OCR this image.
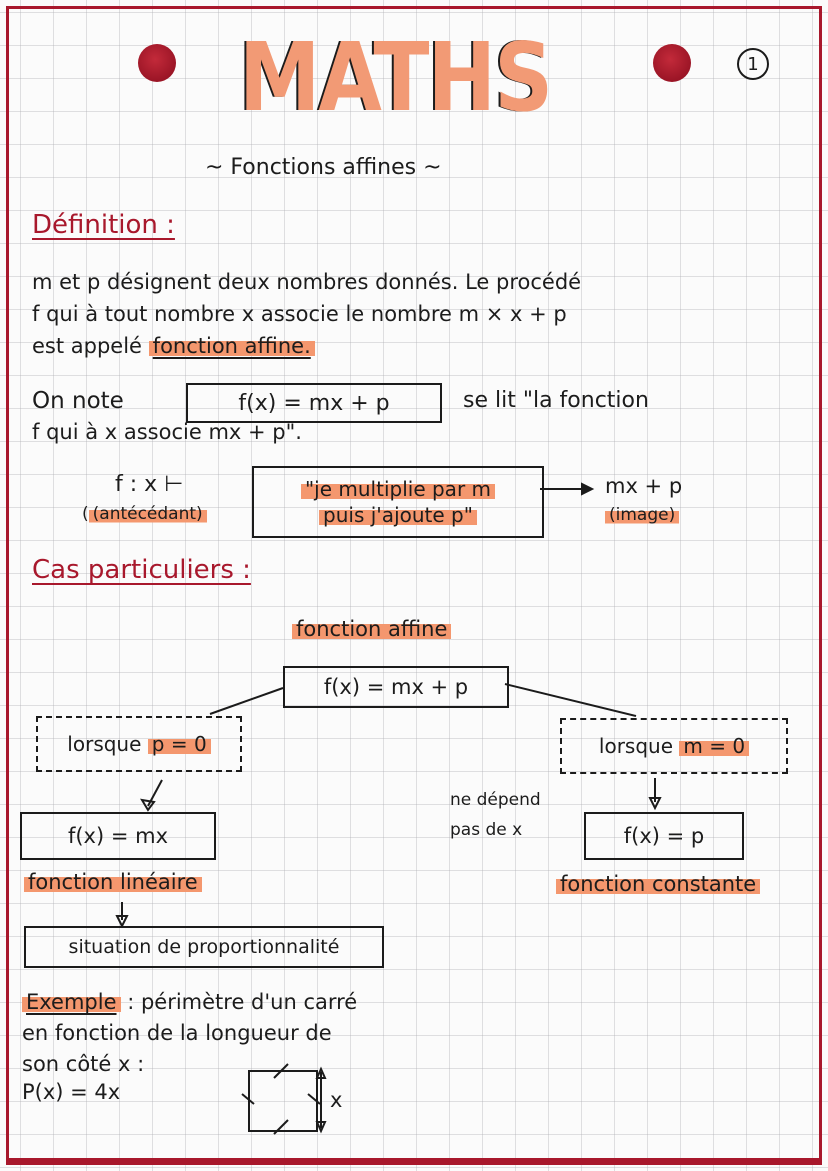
MATHS	1
~ Fonctions affines ~
Définition :
m et p désignent deux nombres donnés. Le procédé
f qui à tout nombre x associe le nombre m × x + p
est appelé fonction affine.
On note	f(x) = mx + p	se lit "la fonction
f qui à x associe mx + p".
f : x ⊢
( (antécédant)
"je multiplie par m
puis j'ajoute p"
mx + p
(image)
Cas particuliers :
fonction affine
f(x) = mx + p
lorsque
p = 0	lorsque
m = 0
f(x) = mx
ne dépend
pas de x	f(x) = p
fonction linéaire	fonction constante
situation de proportionnalité
Exemple : périmètre d'un carré
en fonction de la longueur de
son côté x :
P(x) = 4x	x
